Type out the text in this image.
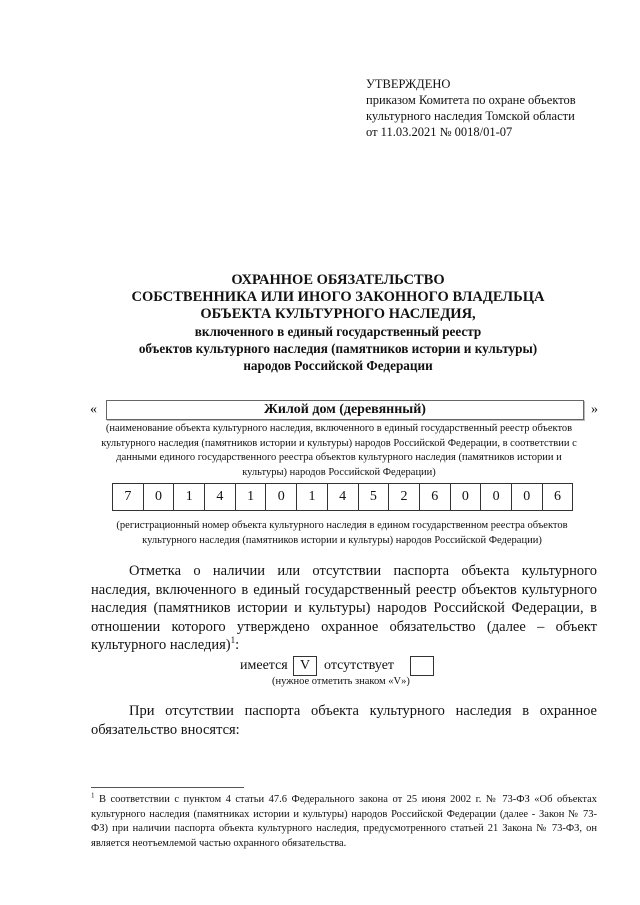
УТВЕРЖДЕНО
приказом Комитета по охране объектов
культурного наследия Томской области
от 11.03.2021 № 0018/01-07
ОХРАННОЕ ОБЯЗАТЕЛЬСТВО
СОБСТВЕННИКА ИЛИ ИНОГО ЗАКОННОГО ВЛАДЕЛЬЦА
ОБЪЕКТА КУЛЬТУРНОГО НАСЛЕДИЯ,
включенного в единый государственный реестр
объектов культурного наследия (памятников истории и культуры)
народов Российской Федерации
«	Жилой дом (деревянный)	»
(наименование объекта культурного наследия, включенного в единый государственный реестр объектов культурного наследия (памятников истории и культуры) народов Российской Федерации, в соответствии с данными единого государственного реестра объектов культурного наследия (памятников истории и культуры) народов Российской Федерации)
7	0	1	4	1	0	1	4	5	2	6	0	0	0	6
(регистрационный номер объекта культурного наследия в едином государственном реестра объектов культурного наследия (памятников истории и культуры) народов Российской Федерации)
Отметка о наличии или отсутствии паспорта объекта культурного наследия, включенного в единый государственный реестр объектов культурного наследия (памятников истории и культуры) народов Российской Федерации, в отношении которого утверждено охранное обязательство (далее – объект культурного наследия)$^1$:
имеется V отсутствует
(нужное отметить знаком «V»)
При отсутствии паспорта объекта культурного наследия в охранное обязательство вносятся:
$^1$ В соответствии с пунктом 4 статьи 47.6 Федерального закона от 25 июня 2002 г. № 73-ФЗ «Об объектах культурного наследия (памятниках истории и культуры) народов Российской Федерации (далее - Закон № 73-ФЗ) при наличии паспорта объекта культурного наследия, предусмотренного статьей 21 Закона № 73-ФЗ, он является неотъемлемой частью охранного обязательства.
